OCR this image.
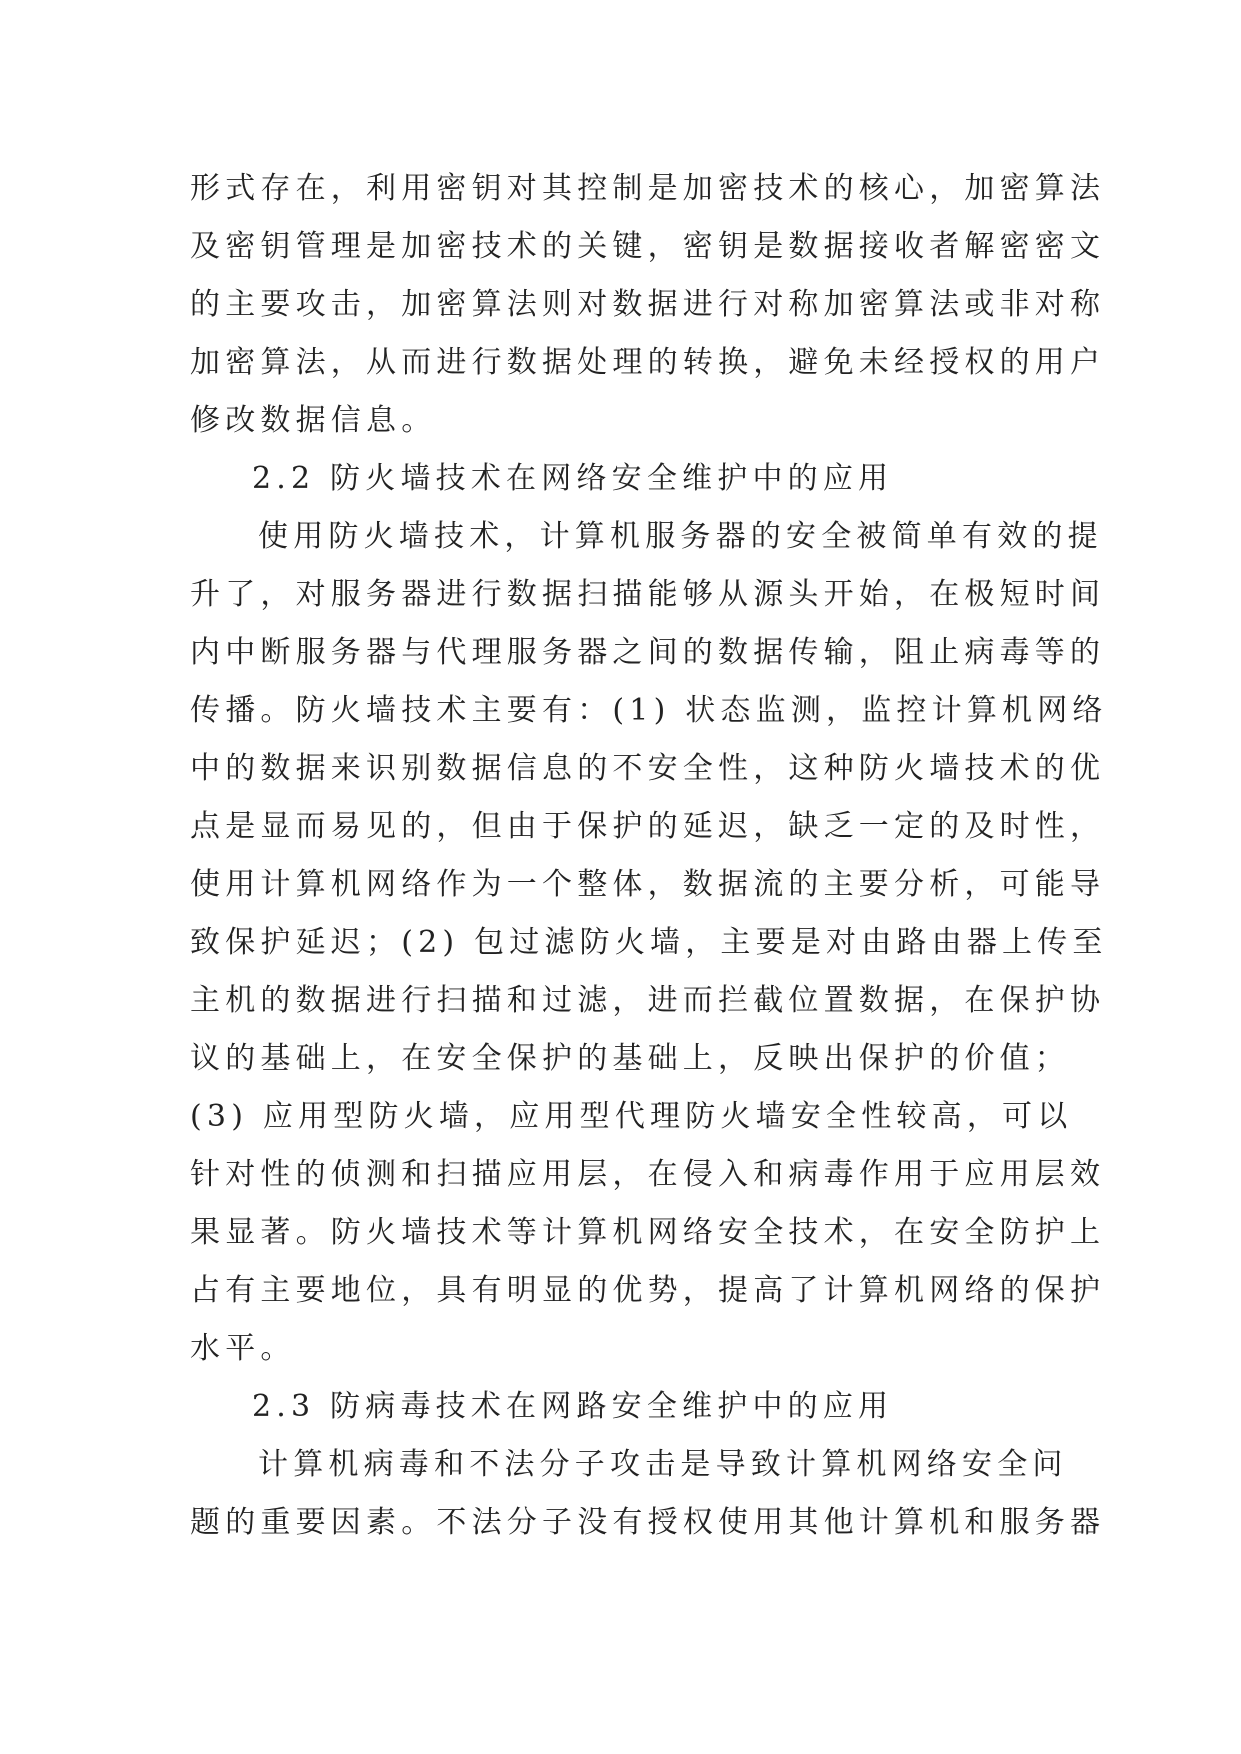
形式存在，利用密钥对其控制是加密技术的核心，加密算法
及密钥管理是加密技术的关键，密钥是数据接收者解密密文
的主要攻击，加密算法则对数据进行对称加密算法或非对称
加密算法，从而进行数据处理的转换，避免未经授权的用户
修改数据信息。
2.2 防火墙技术在网络安全维护中的应用
使用防火墙技术，计算机服务器的安全被简单有效的提
升了，对服务器进行数据扫描能够从源头开始，在极短时间
内中断服务器与代理服务器之间的数据传输，阻止病毒等的
传播。防火墙技术主要有：(1) 状态监测，监控计算机网络
中的数据来识别数据信息的不安全性，这种防火墙技术的优
点是显而易见的，但由于保护的延迟，缺乏一定的及时性，
使用计算机网络作为一个整体，数据流的主要分析，可能导
致保护延迟；(2) 包过滤防火墙，主要是对由路由器上传至
主机的数据进行扫描和过滤，进而拦截位置数据，在保护协
议的基础上，在安全保护的基础上，反映出保护的价值；
(3) 应用型防火墙，应用型代理防火墙安全性较高，可以
针对性的侦测和扫描应用层，在侵入和病毒作用于应用层效
果显著。防火墙技术等计算机网络安全技术，在安全防护上
占有主要地位，具有明显的优势，提高了计算机网络的保护
水平。
2.3 防病毒技术在网路安全维护中的应用
计算机病毒和不法分子攻击是导致计算机网络安全问
题的重要因素。不法分子没有授权使用其他计算机和服务器
